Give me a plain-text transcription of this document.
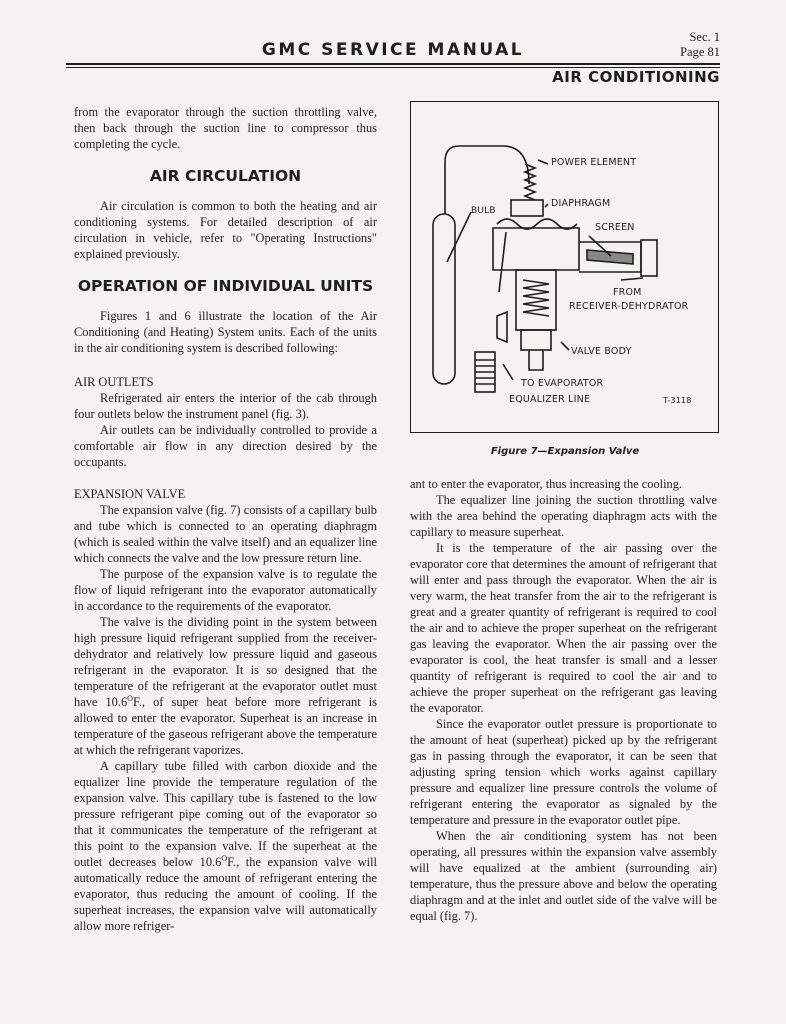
Sec. 1
Page 81
GMC SERVICE MANUAL
AIR CONDITIONING

from the evaporator through the suction throttling valve, then back through the suction line to compressor thus completing the cycle.

AIR CIRCULATION

Air circulation is common to both the heating and air conditioning systems. For detailed description of air circulation in vehicle, refer to "Operating Instructions" explained previously.

OPERATION OF INDIVIDUAL UNITS

Figures 1 and 6 illustrate the location of the Air Conditioning (and Heating) System units. Each of the units in the air conditioning system is described following:

AIR OUTLETS

Refrigerated air enters the interior of the cab through four outlets below the instrument panel (fig. 3).

Air outlets can be individually controlled to provide a comfortable air flow in any direction desired by the occupants.

EXPANSION VALVE

The expansion valve (fig. 7) consists of a capillary bulb and tube which is connected to an operating diaphragm (which is sealed within the valve itself) and an equalizer line which connects the valve and the low pressure return line.

The purpose of the expansion valve is to regulate the flow of liquid refrigerant into the evaporator automatically in accordance to the requirements of the evaporator.

The valve is the dividing point in the system between high pressure liquid refrigerant supplied from the receiver-dehydrator and relatively low pressure liquid and gaseous refrigerant in the evaporator. It is so designed that the temperature of the refrigerant at the evaporator outlet must have $10.6^OF$., of super heat before more refrigerant is allowed to enter the evaporator. Superheat is an increase in temperature of the gaseous refrigerant above the temperature at which the refrigerant vaporizes.

A capillary tube filled with carbon dioxide and the equalizer line provide the temperature regulation of the expansion valve. This capillary tube is fastened to the low pressure refrigerant pipe coming out of the evaporator so that it communicates the temperature of the refrigerant at this point to the expansion valve. If the superheat at the outlet decreases below $10.6^OF$., the expansion valve will automatically reduce the amount of refrigerant entering the evaporator, thus reducing the amount of cooling. If the superheat increases, the expansion valve will automatically allow more refriger-

POWER ELEMENT
DIAPHRAGM
BULB
SCREEN
FROM
RECEIVER-DEHYDRATOR
VALVE BODY
TO EVAPORATOR
EQUALIZER LINE	T-3118
Figure 7—Expansion Valve

ant to enter the evaporator, thus increasing the cooling.

The equalizer line joining the suction throttling valve with the area behind the operating diaphragm acts with the capillary to measure superheat.

It is the temperature of the air passing over the evaporator core that determines the amount of refrigerant that will enter and pass through the evaporator. When the air is very warm, the heat transfer from the air to the refrigerant is great and a greater quantity of refrigerant is required to cool the air and to achieve the proper superheat on the refrigerant gas leaving the evaporator. When the air passing over the evaporator is cool, the heat transfer is small and a lesser quantity of refrigerant is required to cool the air and to achieve the proper superheat on the refrigerant gas leaving the evaporator.

Since the evaporator outlet pressure is proportionate to the amount of heat (superheat) picked up by the refrigerant gas in passing through the evaporator, it can be seen that adjusting spring tension which works against capillary pressure and equalizer line pressure controls the volume of refrigerant entering the evaporator as signaled by the temperature and pressure in the evaporator outlet pipe.

When the air conditioning system has not been operating, all pressures within the expansion valve assembly will have equalized at the ambient (surrounding air) temperature, thus the pressure above and below the operating diaphragm and at the inlet and outlet side of the valve will be equal (fig. 7).
